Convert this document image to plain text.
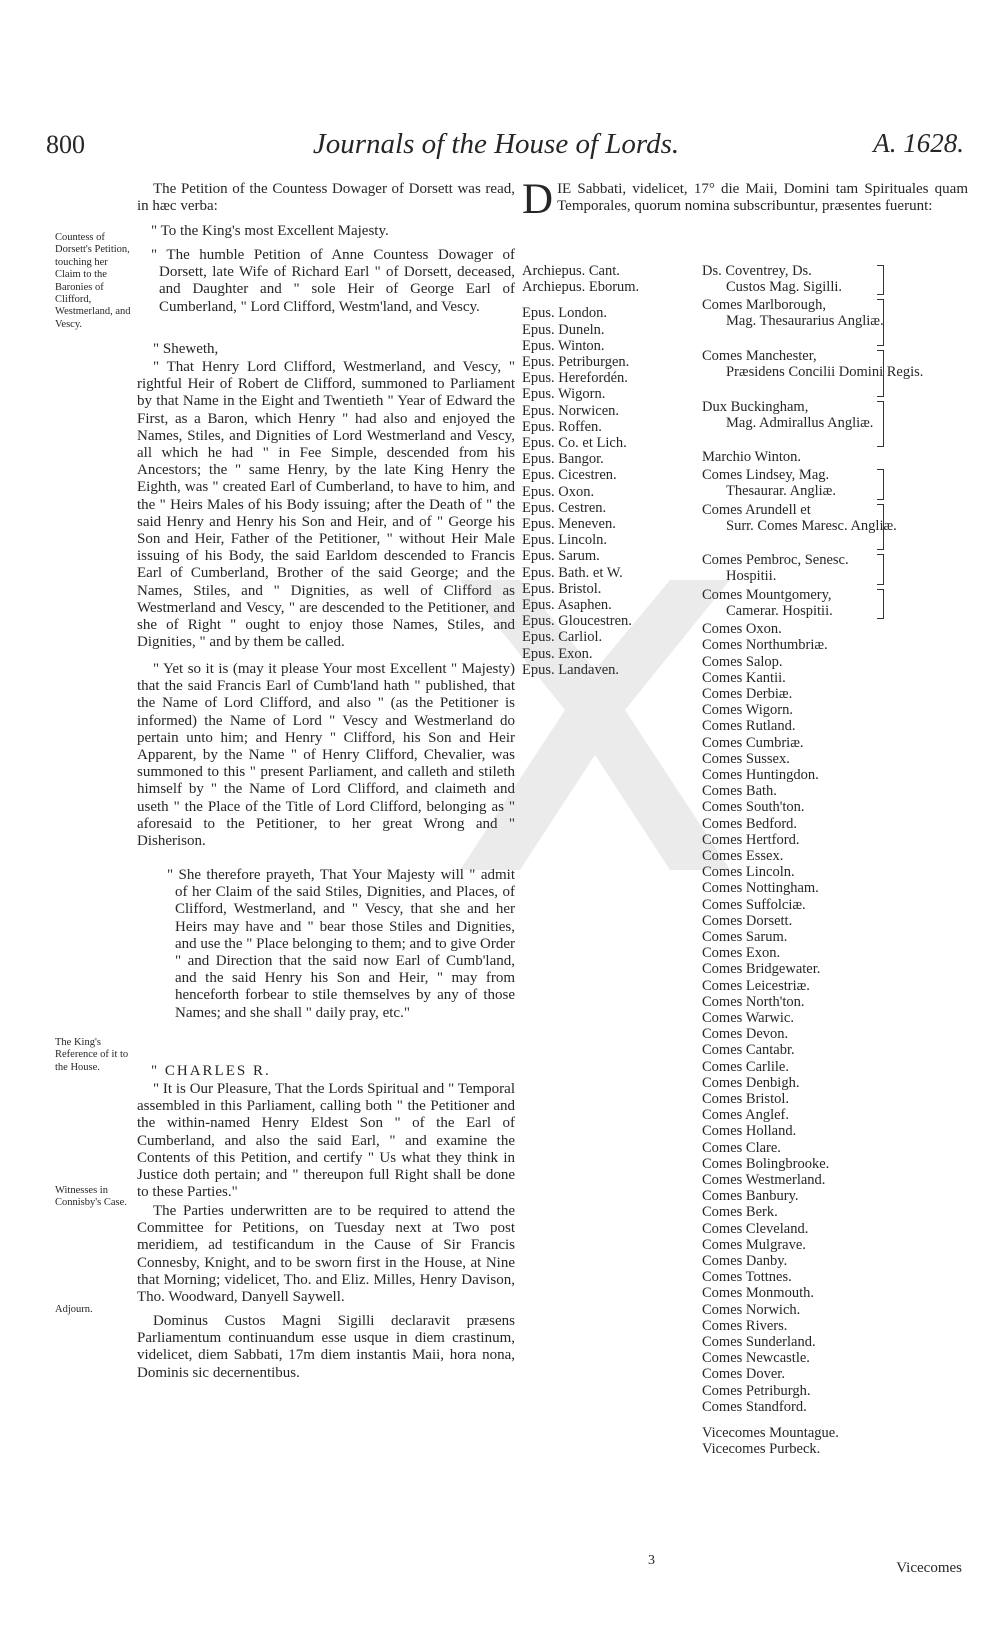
Journals of the House of Lords.
800	A. 1628.
Countess of Dorsett's Petition, touching her Claim to the Baronies of Clifford, Westmerland, and Vescy.
The King's Reference of it to the House.
Witnesses in Connisby's Case.
Adjourn.

The Petition of the Countess Dowager of Dorsett was read, in hæc verba:

" To the King's most Excellent Majesty.

" The humble Petition of Anne Countess Dowager of Dorsett, late Wife of Richard Earl " of Dorsett, deceased, and Daughter and " sole Heir of George Earl of Cumberland, " Lord Clifford, Westm'land, and Vescy.

" Sheweth,

" That Henry Lord Clifford, Westmerland, and Vescy, " rightful Heir of Robert de Clifford, summoned to Parliament by that Name in the Eight and Twentieth " Year of Edward the First, as a Baron, which Henry " had also and enjoyed the Names, Stiles, and Dignities of Lord Westmerland and Vescy, all which he had " in Fee Simple, descended from his Ancestors; the " same Henry, by the late King Henry the Eighth, was " created Earl of Cumberland, to have to him, and the " Heirs Males of his Body issuing; after the Death of " the said Henry and Henry his Son and Heir, and of " George his Son and Heir, Father of the Petitioner, " without Heir Male issuing of his Body, the said Earldom descended to Francis Earl of Cumberland, Brother of the said George; and the Names, Stiles, and " Dignities, as well of Clifford as Westmerland and Vescy, " are descended to the Petitioner, and she of Right " ought to enjoy those Names, Stiles, and Dignities, " and by them be called.

" Yet so it is (may it please Your most Excellent " Majesty) that the said Francis Earl of Cumb'land hath " published, that the Name of Lord Clifford, and also " (as the Petitioner is informed) the Name of Lord " Vescy and Westmerland do pertain unto him; and Henry " Clifford, his Son and Heir Apparent, by the Name " of Henry Clifford, Chevalier, was summoned to this " present Parliament, and calleth and stileth himself by " the Name of Lord Clifford, and claimeth and useth " the Place of the Title of Lord Clifford, belonging as " aforesaid to the Petitioner, to her great Wrong and " Disherison.

" She therefore prayeth, That Your Majesty will " admit of her Claim of the said Stiles, Dignities, and Places, of Clifford, Westmerland, and " Vescy, that she and her Heirs may have and " bear those Stiles and Dignities, and use the " Place belonging to them; and to give Order " and Direction that the said now Earl of Cumb'land, and the said Henry his Son and Heir, " may from henceforth forbear to stile themselves by any of those Names; and she shall " daily pray, etc."

" CHARLES R.

" It is Our Pleasure, That the Lords Spiritual and " Temporal assembled in this Parliament, calling both " the Petitioner and the within-named Henry Eldest Son " of the Earl of Cumberland, and also the said Earl, " and examine the Contents of this Petition, and certify " Us what they think in Justice doth pertain; and " thereupon full Right shall be done to these Parties."

The Parties underwritten are to be required to attend the Committee for Petitions, on Tuesday next at Two post meridiem, ad testificandum in the Cause of Sir Francis Connesby, Knight, and to be sworn first in the House, at Nine that Morning; videlicet, Tho. and Eliz. Milles, Henry Davison, Tho. Woodward, Danyell Saywell.

Dominus Custos Magni Sigilli declaravit præsens Parliamentum continuandum esse usque in diem crastinum, videlicet, diem Sabbati, 17m diem instantis Maii, hora nona, Dominis sic decernentibus.

DIE Sabbati, videlicet, 17° die Maii, Domini tam Spirituales quam Temporales, quorum nomina subscribuntur, præsentes fuerunt:
Archiepus. Cant.
Archiepus. Eborum.
Epus. London.
Epus. Duneln.
Epus. Winton.
Epus. Petriburgen.
Epus. Herefordén.
Epus. Wigorn.
Epus. Norwicen.
Epus. Roffen.
Epus. Co. et Lich.
Epus. Bangor.
Epus. Cicestren.
Epus. Oxon.
Epus. Cestren.
Epus. Meneven.
Epus. Lincoln.
Epus. Sarum.
Epus. Bath. et W.
Epus. Bristol.
Epus. Asaphen.
Epus. Gloucestren.
Epus. Carliol.
Epus. Exon.
Epus. Landaven.
Ds. Coventrey, Ds.
Custos Mag. Sigilli.
Comes Marlborough,
Mag. Thesaurarius Angliæ.
Comes Manchester,
Præsidens Concilii Domini Regis.
Dux Buckingham,
Mag. Admirallus Angliæ.
Marchio Winton.
Comes Lindsey, Mag.
Thesaurar. Angliæ.
Comes Arundell et
Surr. Comes Maresc. Angliæ.
Comes Pembroc, Senesc.
Hospitii.
Comes Mountgomery,
Camerar. Hospitii.
Comes Oxon.
Comes Northumbriæ.
Comes Salop.
Comes Kantii.
Comes Derbiæ.
Comes Wigorn.
Comes Rutland.
Comes Cumbriæ.
Comes Sussex.
Comes Huntingdon.
Comes Bath.
Comes South'ton.
Comes Bedford.
Comes Hertford.
Comes Essex.
Comes Lincoln.
Comes Nottingham.
Comes Suffolciæ.
Comes Dorsett.
Comes Sarum.
Comes Exon.
Comes Bridgewater.
Comes Leicestriæ.
Comes North'ton.
Comes Warwic.
Comes Devon.
Comes Cantabr.
Comes Carlile.
Comes Denbigh.
Comes Bristol.
Comes Anglef.
Comes Holland.
Comes Clare.
Comes Bolingbrooke.
Comes Westmerland.
Comes Banbury.
Comes Berk.
Comes Cleveland.
Comes Mulgrave.
Comes Danby.
Comes Tottnes.
Comes Monmouth.
Comes Norwich.
Comes Rivers.
Comes Sunderland.
Comes Newcastle.
Comes Dover.
Comes Petriburgh.
Comes Standford.
Vicecomes Mountague.
Vicecomes Purbeck.
3	Vicecomes
